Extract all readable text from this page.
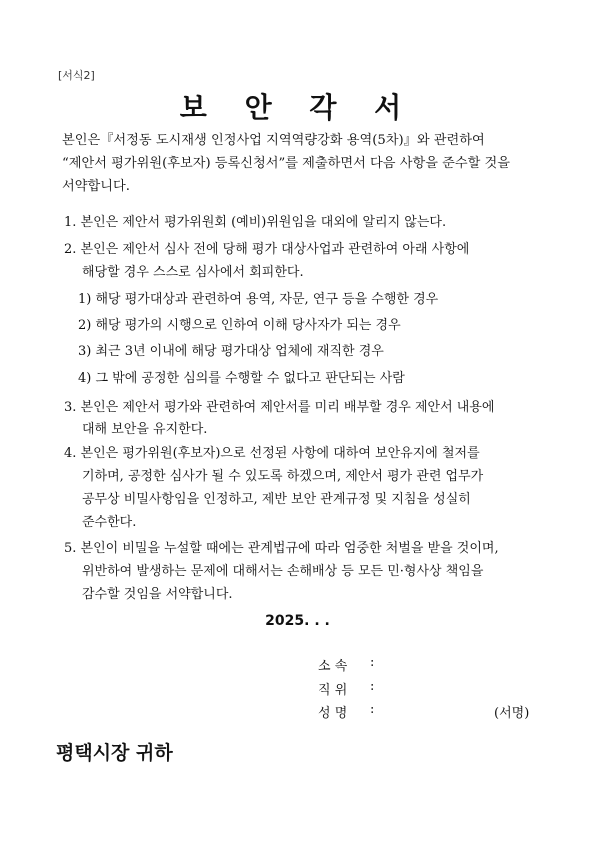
[서식2]
보 안 각 서
본인은『서정동 도시재생 인정사업 지역역량강화 용역(5차)』와 관련하여
“제안서 평가위원(후보자) 등록신청서”를 제출하면서 다음 사항을 준수할 것을
서약합니다.
1. 본인은 제안서 평가위원회 (예비)위원임을 대외에 알리지 않는다.
2. 본인은 제안서 심사 전에 당해 평가 대상사업과 관련하여 아래 사항에
해당할 경우 스스로 심사에서 회피한다.
1) 해당 평가대상과 관련하여 용역, 자문, 연구 등을 수행한 경우
2) 해당 평가의 시행으로 인하여 이해 당사자가 되는 경우
3) 최근 3년 이내에 해당 평가대상 업체에 재직한 경우
4) 그 밖에 공정한 심의를 수행할 수 없다고 판단되는 사람
3. 본인은 제안서 평가와 관련하여 제안서를 미리 배부할 경우 제안서 내용에
대해 보안을 유지한다.
4. 본인은 평가위원(후보자)으로 선정된 사항에 대하여 보안유지에 철저를
기하며, 공정한 심사가 될 수 있도록 하겠으며, 제안서 평가 관련 업무가
공무상 비밀사항임을 인정하고, 제반 보안 관계규정 및 지침을 성실히
준수한다.
5. 본인이 비밀을 누설할 때에는 관계법규에 따라 엄중한 처벌을 받을 것이며,
위반하여 발생하는 문제에 대해서는 손해배상 등 모든 민·형사상 책임을
감수할 것임을 서약합니다.
2025. . .
소 속 :
직 위 :
성 명 :	(서명)
평택시장 귀하
